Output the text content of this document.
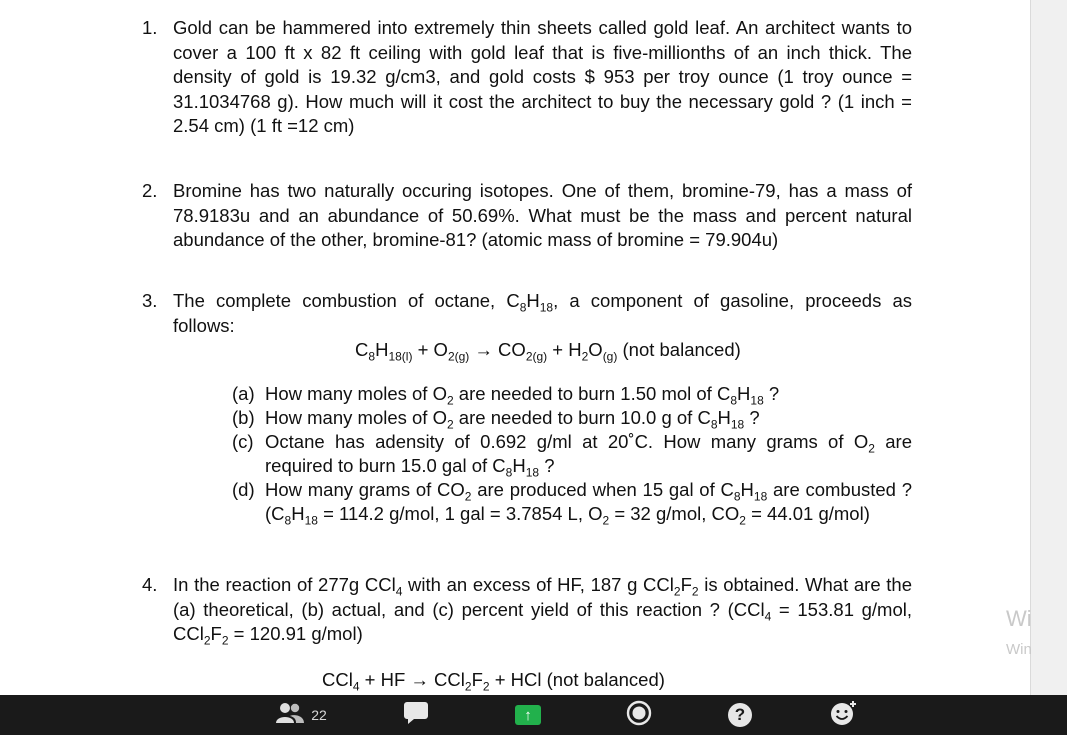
1. Gold can be hammered into extremely thin sheets called gold leaf. An architect wants to cover a 100 ft x 82 ft ceiling with gold leaf that is five-millionths of an inch thick. The density of gold is 19.32 g/cm3, and gold costs $ 953 per troy ounce (1 troy ounce = 31.1034768 g). How much will it cost the architect to buy the necessary gold ? (1 inch = 2.54 cm) (1 ft =12 cm)
2. Bromine has two naturally occuring isotopes. One of them, bromine-79, has a mass of 78.9183u and an abundance of 50.69%. What must be the mass and percent natural abundance of the other, bromine-81? (atomic mass of bromine = 79.904u)
3. The complete combustion of octane, $C_8H_{18}$, a component of gasoline, proceeds as follows:
$C_8H_{18(l)} + O_{2(g)} \to CO_{2(g)} + H_2O_{(g)}$ (not balanced)
(a) How many moles of $O_2$ are needed to burn 1.50 mol of $C_8H_{18}$ ?
(b) How many moles of $O_2$ are needed to burn 10.0 g of $C_8H_{18}$ ?
(c) Octane has adensity of 0.692 g/ml at 20˚C. How many grams of $O_2$ are required to burn 15.0 gal of $C_8H_{18}$ ?
(d) How many grams of $CO_2$ are produced when 15 gal of $C_8H_{18}$ are combusted ? ($C_8H_{18} = 114.2$ g/mol, 1 gal = 3.7854 L, $O_2 = 32$ g/mol, $CO_2 = 44.01$ g/mol)
4. In the reaction of 277g CCl$_4$ with an excess of HF, 187 g $CCl_2F_2$ is obtained. What are the (a) theoretical, (b) actual, and (c) percent yield of this reaction ? (CCl$_4$ = 153.81 g/mol, $CCl_2F_2 = 120.91$ g/mol)
CCl$_4$ + HF → $CCl_2F_2$ + HCl (not balanced)
Wi
Win
22	↑	?
